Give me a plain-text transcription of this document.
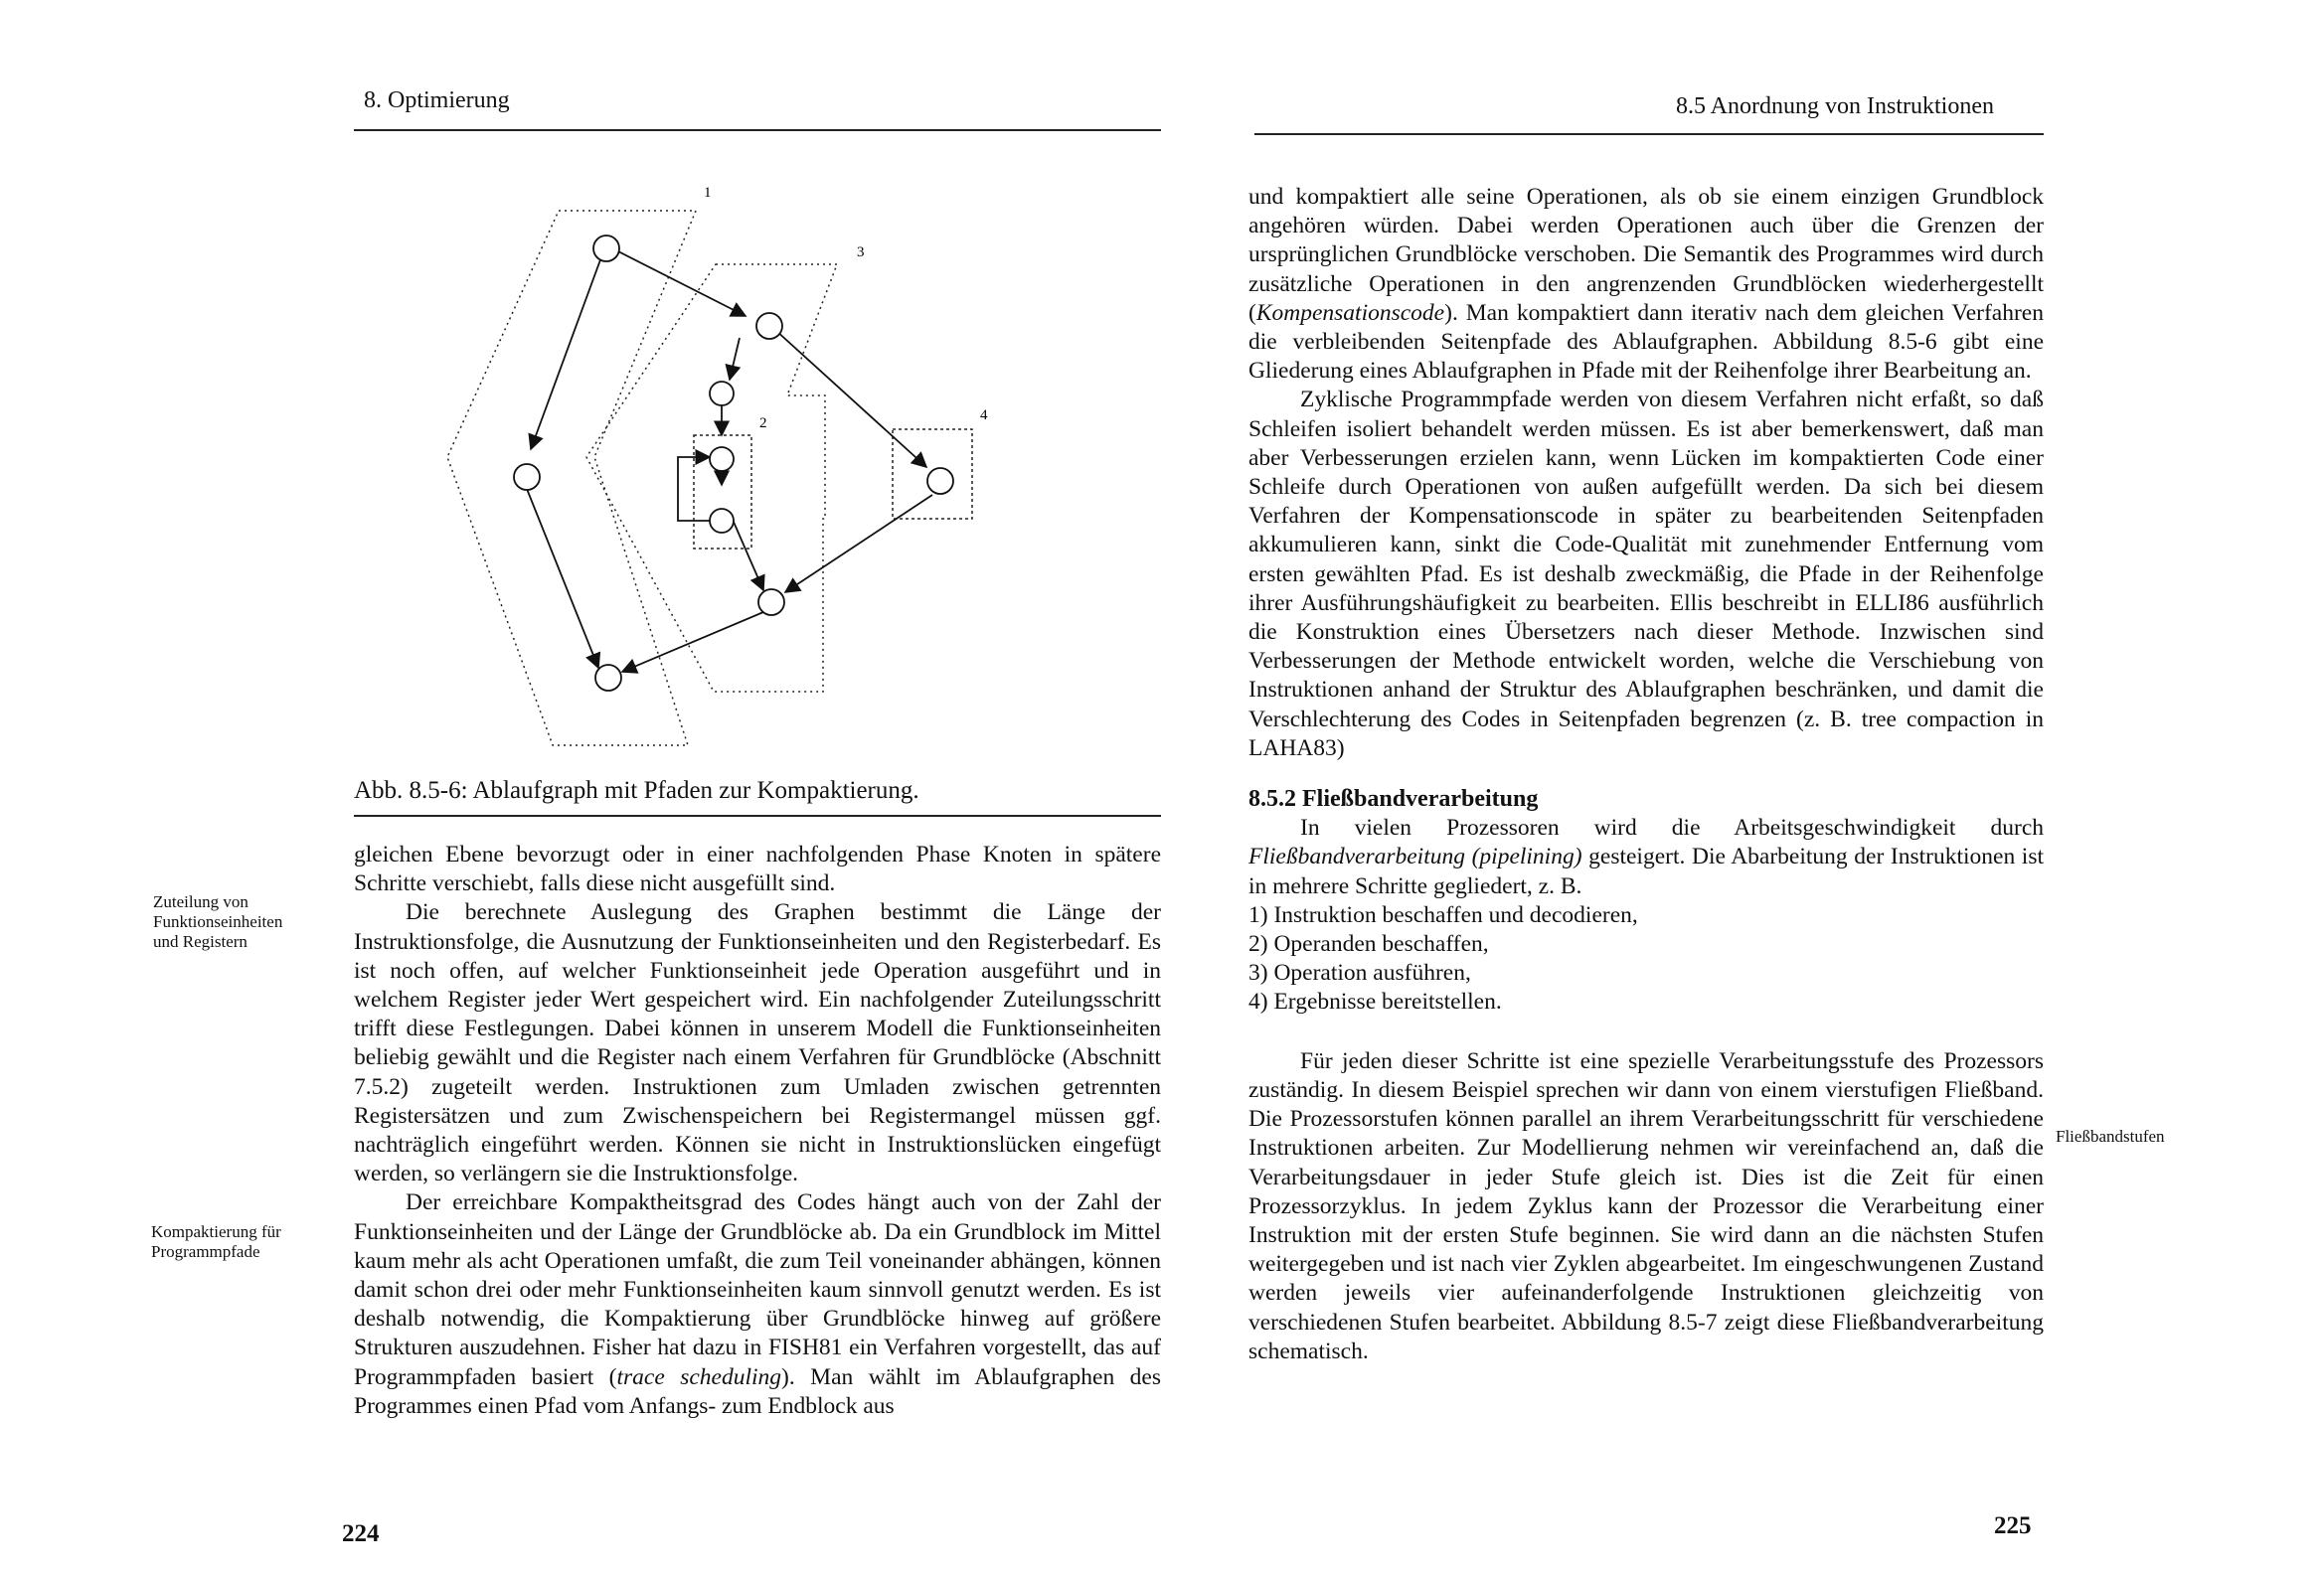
8. Optimierung
1
2
3
4
Abb. 8.5-6: Ablaufgraph mit Pfaden zur Kompaktierung.

gleichen Ebene bevorzugt oder in einer nachfolgenden Phase Knoten in spätere Schritte verschiebt, falls diese nicht ausgefüllt sind.

Die berechnete Auslegung des Graphen bestimmt die Länge der Instruktionsfolge, die Ausnutzung der Funktionseinheiten und den Registerbedarf. Es ist noch offen, auf welcher Funktionseinheit jede Operation ausgeführt und in welchem Register jeder Wert gespeichert wird. Ein nachfolgender Zuteilungsschritt trifft diese Festlegungen. Dabei können in unserem Modell die Funktionseinheiten beliebig gewählt und die Register nach einem Verfahren für Grundblöcke (Abschnitt 7.5.2) zugeteilt werden. Instruktionen zum Umladen zwischen getrennten Registersätzen und zum Zwischenspeichern bei Registermangel müssen ggf. nachträglich eingeführt werden. Können sie nicht in Instruktionslücken eingefügt werden, so verlängern sie die Instruktionsfolge.

Der erreichbare Kompaktheitsgrad des Codes hängt auch von der Zahl der Funktionseinheiten und der Länge der Grundblöcke ab. Da ein Grundblock im Mittel kaum mehr als acht Operationen umfaßt, die zum Teil voneinander abhängen, können damit schon drei oder mehr Funktionseinheiten kaum sinnvoll genutzt werden. Es ist deshalb notwendig, die Kompaktierung über Grundblöcke hinweg auf größere Strukturen auszudehnen. Fisher hat dazu in FISH81 ein Verfahren vorgestellt, das auf Programmpfaden basiert (trace scheduling). Man wählt im Ablaufgraphen des Programmes einen Pfad vom Anfangs- zum Endblock aus

Zuteilung von
Funktionseinheiten
und Registern
Kompaktierung für
Programmpfade
224
8.5 Anordnung von Instruktionen

und kompaktiert alle seine Operationen, als ob sie einem einzigen Grundblock angehören würden. Dabei werden Operationen auch über die Grenzen der ursprünglichen Grundblöcke verschoben. Die Semantik des Programmes wird durch zusätzliche Operationen in den angrenzenden Grundblöcken wiederhergestellt (Kompensationscode). Man kompaktiert dann iterativ nach dem gleichen Verfahren die verbleibenden Seitenpfade des Ablaufgraphen. Abbildung 8.5-6 gibt eine Gliederung eines Ablaufgraphen in Pfade mit der Reihenfolge ihrer Bearbeitung an.

Zyklische Programmpfade werden von diesem Verfahren nicht erfaßt, so daß Schleifen isoliert behandelt werden müssen. Es ist aber bemerkenswert, daß man aber Verbesserungen erzielen kann, wenn Lücken im kompaktierten Code einer Schleife durch Operationen von außen aufgefüllt werden. Da sich bei diesem Verfahren der Kompensationscode in später zu bearbeitenden Seitenpfaden akkumulieren kann, sinkt die Code-Qualität mit zunehmender Entfernung vom ersten gewählten Pfad. Es ist deshalb zweckmäßig, die Pfade in der Reihenfolge ihrer Ausführungshäufigkeit zu bearbeiten. Ellis beschreibt in ELLI86 ausführlich die Konstruktion eines Übersetzers nach dieser Methode. Inzwischen sind Verbesserungen der Methode entwickelt worden, welche die Verschiebung von Instruktionen anhand der Struktur des Ablaufgraphen beschränken, und damit die Verschlechterung des Codes in Seitenpfaden begrenzen (z. B. tree compaction in LAHA83)

8.5.2 Fließbandverarbeitung

In vielen Prozessoren wird die Arbeitsgeschwindigkeit durch Fließbandverarbeitung (pipelining) gesteigert. Die Abarbeitung der Instruktionen ist in mehrere Schritte gegliedert, z. B.

1) Instruktion beschaffen und decodieren,

2) Operanden beschaffen,

3) Operation ausführen,

4) Ergebnisse bereitstellen.

Für jeden dieser Schritte ist eine spezielle Verarbeitungsstufe des Prozessors zuständig. In diesem Beispiel sprechen wir dann von einem vierstufigen Fließband. Die Prozessorstufen können parallel an ihrem Verarbeitungsschritt für verschiedene Instruktionen arbeiten. Zur Modellierung nehmen wir vereinfachend an, daß die Verarbeitungsdauer in jeder Stufe gleich ist. Dies ist die Zeit für einen Prozessorzyklus. In jedem Zyklus kann der Prozessor die Verarbeitung einer Instruktion mit der ersten Stufe beginnen. Sie wird dann an die nächsten Stufen weitergegeben und ist nach vier Zyklen abgearbeitet. Im eingeschwungenen Zustand werden jeweils vier aufeinanderfolgende Instruktionen gleichzeitig von verschiedenen Stufen bearbeitet. Abbildung 8.5-7 zeigt diese Fließbandverarbeitung schematisch.

Fließbandstufen
225
